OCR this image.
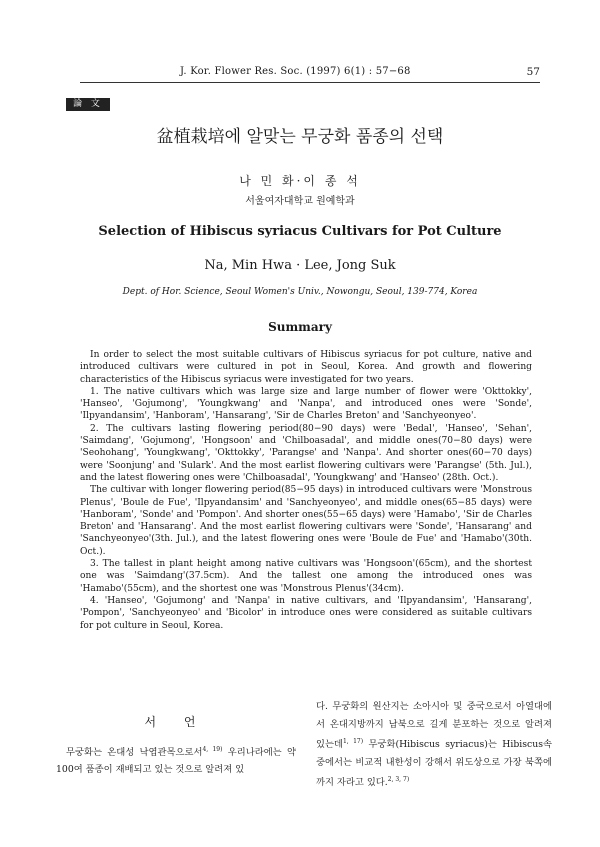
J. Kor. Flower Res. Soc. (1997) 6(1) : 57−68	57
論 文
盆植栽培에 알맞는 무궁화 품종의 선택
나 민 화·이 종 석
서울여자대학교 원예학과
Selection of Hibiscus syriacus Cultivars for Pot Culture
Na, Min Hwa · Lee, Jong Suk
Dept. of Hor. Science, Seoul Women's Univ., Nowongu, Seoul, 139-774, Korea
Summary

In order to select the most suitable cultivars of Hibiscus syriacus for pot culture, native and introduced cultivars were cultured in pot in Seoul, Korea. And growth and flowering characteristics of the Hibiscus syriacus were investigated for two years.

1. The native cultivars which was large size and large number of flower were 'Okttokky', 'Hanseo', 'Gojumong', 'Youngkwang' and 'Nanpa', and introduced ones were 'Sonde', 'Ilpyandansim', 'Hanboram', 'Hansarang', 'Sir de Charles Breton' and 'Sanchyeonyeo'.

2. The cultivars lasting flowering period(80−90 days) were 'Bedal', 'Hanseo', 'Sehan', 'Saimdang', 'Gojumong', 'Hongsoon' and 'Chilboasadal', and middle ones(70−80 days) were 'Seohohang', 'Youngkwang', 'Okttokky', 'Parangse' and 'Nanpa'. And shorter ones(60−70 days) were 'Soonjung' and 'Sulark'. And the most earlist flowering cultivars were 'Parangse' (5th. Jul.), and the latest flowering ones were 'Chilboasadal', 'Youngkwang' and 'Hanseo' (28th. Oct.).

The cultivar with longer flowering period(85−95 days) in introduced cultivars were 'Monstrous Plenus', 'Boule de Fue', 'Ilpyandansim' and 'Sanchyeonyeo', and middle ones(65−85 days) were 'Hanboram', 'Sonde' and 'Pompon'. And shorter ones(55−65 days) were 'Hamabo', 'Sir de Charles Breton' and 'Hansarang'. And the most earlist flowering cultivars were 'Sonde', 'Hansarang' and 'Sanchyeonyeo'(3th. Jul.), and the latest flowering ones were 'Boule de Fue' and 'Hamabo'(30th. Oct.).

3. The tallest in plant height among native cultivars was 'Hongsoon'(65cm), and the shortest one was 'Saimdang'(37.5cm). And the tallest one among the introduced ones was 'Hamabo'(55cm), and the shortest one was 'Monstrous Plenus'(34cm).

4. 'Hanseo', 'Gojumong' and 'Nanpa' in native cultivars, and 'Ilpyandansim', 'Hansarang', 'Pompon', 'Sanchyeonyeo' and 'Bicolor' in introduce ones were considered as suitable cultivars for pot culture in Seoul, Korea.

서 언
무궁화는 온대성 낙엽관목으로서$^{4, 19)}$ 우리나라에는 약 100여 품종이 재배되고 있는 것으로 알려져 있
다. 무궁화의 원산지는 소아시아 및 중국으로서 아열대에서 온대지방까지 남북으로 길게 분포하는 것으로 알려져 있는데$^{1, 17)}$ 무궁화(Hibiscus syriacus)는 Hibiscus속 중에서는 비교적 내한성이 강해서 위도상으로 가장 북쪽에까지 자라고 있다.$^{2, 3, 7)}$
